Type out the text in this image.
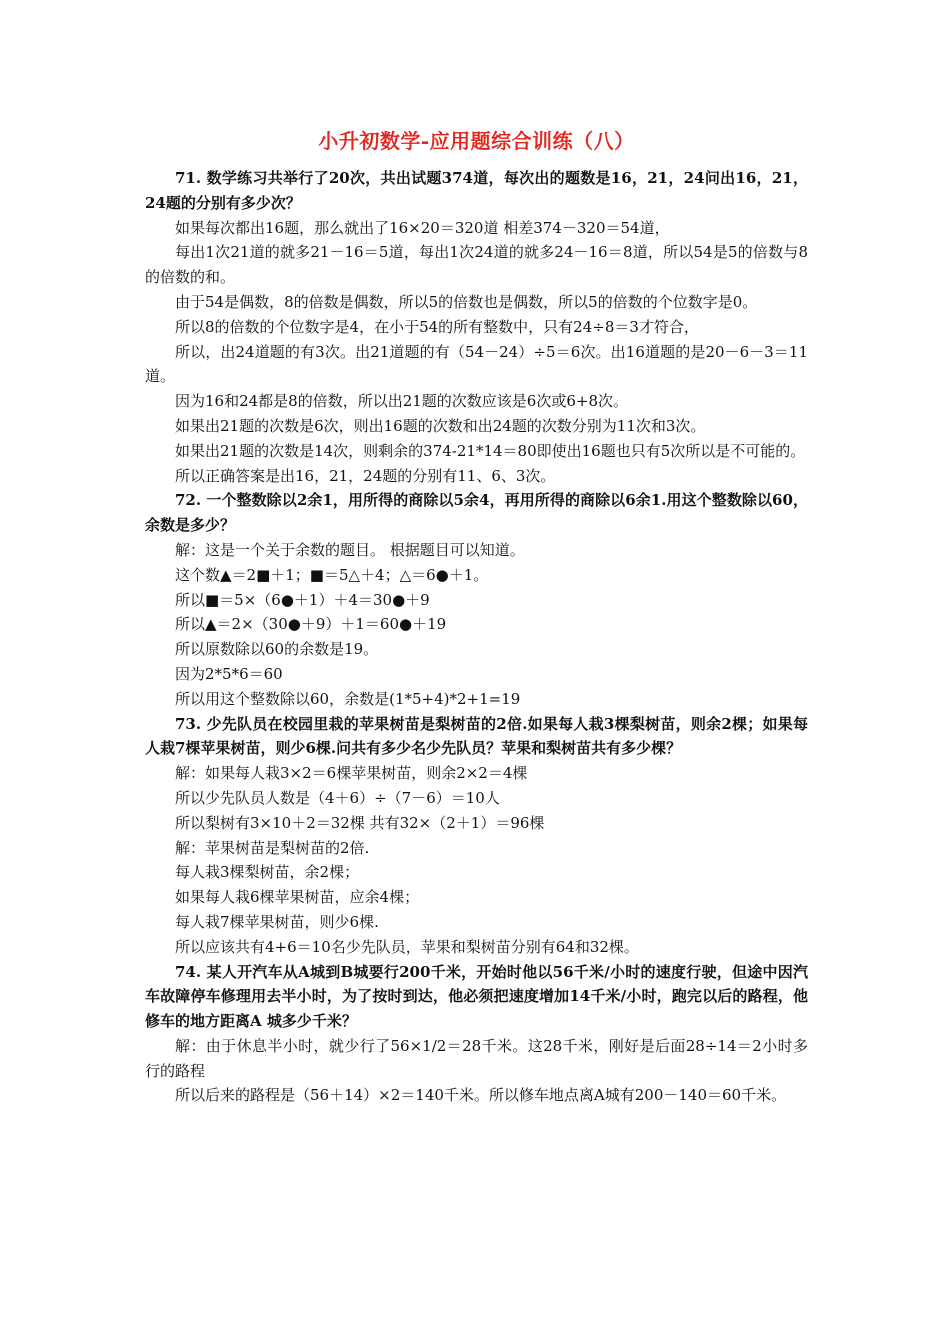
小升初数学-应用题综合训练（八）

71. 数学练习共举行了20次，共出试题374道，每次出的题数是16，21，24问出16，21，24题的分别有多少次？

如果每次都出16题，那么就出了16×20＝320道 相差374－320＝54道，

每出1次21道的就多21－16＝5道，每出1次24道的就多24－16＝8道，所以54是5的倍数与8的倍数的和。

由于54是偶数，8的倍数是偶数，所以5的倍数也是偶数，所以5的倍数的个位数字是0。

所以8的倍数的个位数字是4，在小于54的所有整数中，只有24÷8＝3才符合，

所以，出24道题的有3次。出21道题的有（54－24）÷5＝6次。出16道题的是20－6－3＝11道。

因为16和24都是8的倍数，所以出21题的次数应该是6次或6+8次。

如果出21题的次数是6次，则出16题的次数和出24题的次数分别为11次和3次。

如果出21题的次数是14次，则剩余的374-21*14＝80即使出16题也只有5次所以是不可能的。

所以正确答案是出16，21，24题的分别有11、6、3次。

72. 一个整数除以2余1，用所得的商除以5余4，再用所得的商除以6余1.用这个整数除以60，余数是多少？

解：这是一个关于余数的题目。 根据题目可以知道。

这个数▲＝2■＋1；■＝5△＋4；△＝6●＋1。

所以■＝5×（6●＋1）＋4＝30●＋9

所以▲＝2×（30●＋9）＋1＝60●＋19

所以原数除以60的余数是19。

因为2*5*6＝60

所以用这个整数除以60，余数是(1*5+4)*2+1=19

73. 少先队员在校园里栽的苹果树苗是梨树苗的2倍.如果每人栽3棵梨树苗，则余2棵；如果每人栽7棵苹果树苗，则少6棵.问共有多少名少先队员？苹果和梨树苗共有多少棵？

解：如果每人栽3×2＝6棵苹果树苗，则余2×2＝4棵

所以少先队员人数是（4＋6）÷（7－6）＝10人

所以梨树有3×10＋2＝32棵 共有32×（2＋1）＝96棵

解：苹果树苗是梨树苗的2倍.

每人栽3棵梨树苗，余2棵；

如果每人栽6棵苹果树苗，应余4棵；

每人栽7棵苹果树苗，则少6棵.

所以应该共有4+6＝10名少先队员，苹果和梨树苗分别有64和32棵。

74. 某人开汽车从A城到B城要行200千米，开始时他以56千米/小时的速度行驶，但途中因汽车故障停车修理用去半小时，为了按时到达，他必须把速度增加14千米/小时，跑完以后的路程，他修车的地方距离A 城多少千米？

解：由于休息半小时，就少行了56×1/2＝28千米。这28千米，刚好是后面28÷14＝2小时多行的路程

所以后来的路程是（56＋14）×2＝140千米。所以修车地点离A城有200－140＝60千米。
